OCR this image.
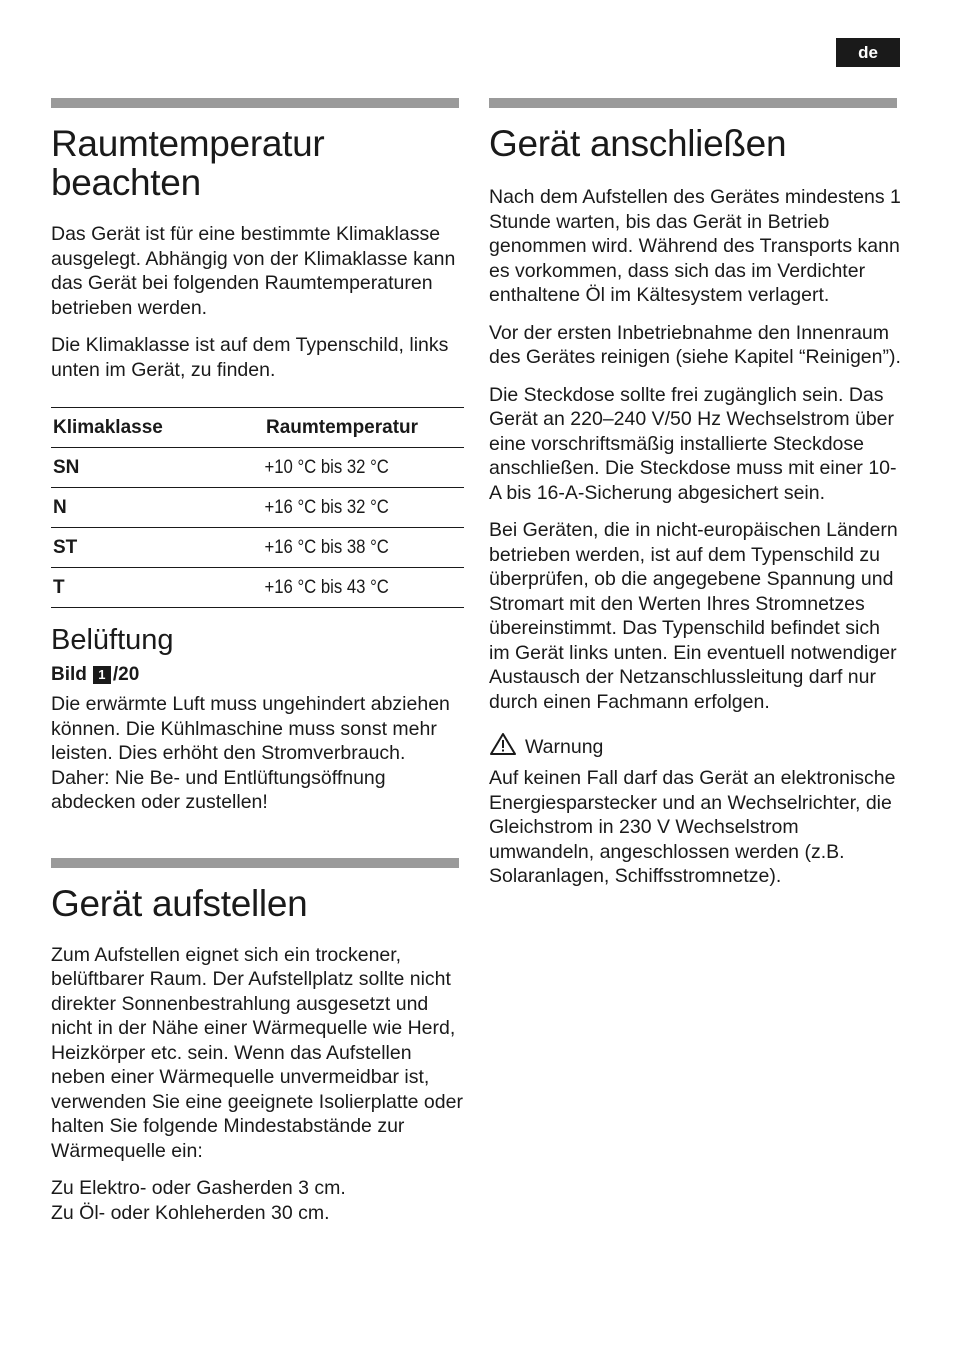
de
Raumtemperatur
beachten

Das Gerät ist für eine bestimmte Klimaklasse ausgelegt. Abhängig von der Klimaklasse kann das Gerät bei folgenden Raumtemperaturen betrieben werden.

Die Klimaklasse ist auf dem Typenschild, links unten im Gerät, zu finden.

Klimaklasse	Raumtemperatur
SN	+10 °C bis 32 °C
N	+16 °C bis 32 °C
ST	+16 °C bis 38 °C
T	+16 °C bis 43 °C
Belüftung
Bild 1 /20

Die erwärmte Luft muss ungehindert abziehen können. Die Kühlmaschine muss sonst mehr leisten. Dies erhöht den Stromverbrauch.

Daher: Nie Be- und Entlüftungsöffnung abdecken oder zustellen!

Gerät aufstellen

Zum Aufstellen eignet sich ein trockener, belüftbarer Raum. Der Aufstellplatz sollte nicht direkter Sonnenbestrahlung ausgesetzt und nicht in der Nähe einer Wärmequelle wie Herd, Heizkörper etc. sein. Wenn das Aufstellen neben einer Wärmequelle unvermeidbar ist, verwenden Sie eine geeignete Isolierplatte oder halten Sie folgende Mindestabstände zur Wärmequelle ein:

Zu Elektro- oder Gasherden 3 cm.
Zu Öl- oder Kohleherden 30 cm.

Gerät anschließen

Nach dem Aufstellen des Gerätes mindestens 1 Stunde warten, bis das Gerät in Betrieb genommen wird. Während des Transports kann es vorkommen, dass sich das im Verdichter enthaltene Öl im Kältesystem verlagert.

Vor der ersten Inbetriebnahme den Innenraum des Gerätes reinigen (siehe Kapitel “Reinigen”).

Die Steckdose sollte frei zugänglich sein. Das Gerät an 220–240 V/50 Hz Wechselstrom über eine vorschriftsmäßig installierte Steckdose anschließen. Die Steckdose muss mit einer 10-A bis 16-A-Sicherung abgesichert sein.

Bei Geräten, die in nicht-europäischen Ländern betrieben werden, ist auf dem Typenschild zu überprüfen, ob die angegebene Spannung und Stromart mit den Werten Ihres Stromnetzes übereinstimmt. Das Typenschild befindet sich im Gerät links unten. Ein eventuell notwendiger Austausch der Netzanschlussleitung darf nur durch einen Fachmann erfolgen.

Warnung

Auf keinen Fall darf das Gerät an elektronische Energiesparstecker und an Wechselrichter, die Gleichstrom in 230 V Wechselstrom umwandeln, angeschlossen werden (z.B. Solaranlagen, Schiffsstromnetze).
